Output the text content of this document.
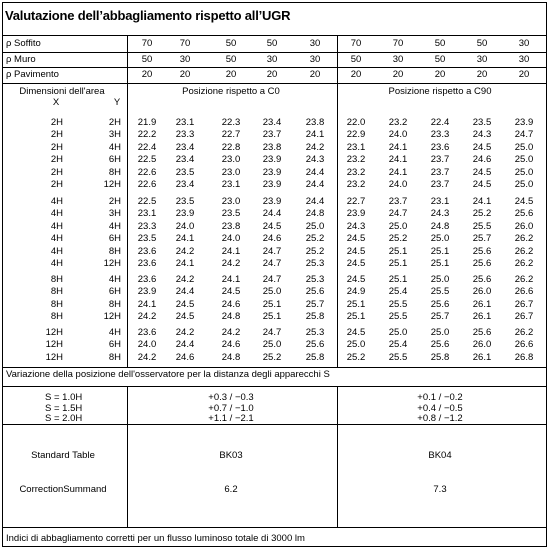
Valutazione dell’abbagliamento rispetto all’UGR
ρ Soffito	70	70	50	50	30	70	70	50	50	30
ρ Muro	50	30	50	30	30	50	30	50	30	30
ρ Pavimento	20	20	20	20	20	20	20	20	20	20
Dimensioni dell'area
X	Y
Posizione rispetto a C0	Posizione rispetto a C90
2H	2H	21.9	23.1	22.3	23.4	23.8	22.0	23.2	22.4	23.5	23.9
2H	3H	22.2	23.3	22.7	23.7	24.1	22.9	24.0	23.3	24.3	24.7
2H	4H	22.4	23.4	22.8	23.8	24.2	23.1	24.1	23.6	24.5	25.0
2H	6H	22.5	23.4	23.0	23.9	24.3	23.2	24.1	23.7	24.6	25.0
2H	8H	22.6	23.5	23.0	23.9	24.4	23.2	24.1	23.7	24.5	25.0
2H	12H	22.6	23.4	23.1	23.9	24.4	23.2	24.0	23.7	24.5	25.0
4H	2H	22.5	23.5	23.0	23.9	24.4	22.7	23.7	23.1	24.1	24.5
4H	3H	23.1	23.9	23.5	24.4	24.8	23.9	24.7	24.3	25.2	25.6
4H	4H	23.3	24.0	23.8	24.5	25.0	24.3	25.0	24.8	25.5	26.0
4H	6H	23.5	24.1	24.0	24.6	25.2	24.5	25.2	25.0	25.7	26.2
4H	8H	23.6	24.2	24.1	24.7	25.2	24.5	25.1	25.1	25.6	26.2
4H	12H	23.6	24.1	24.2	24.7	25.3	24.5	25.1	25.1	25.6	26.2
8H	4H	23.6	24.2	24.1	24.7	25.3	24.5	25.1	25.0	25.6	26.2
8H	6H	23.9	24.4	24.5	25.0	25.6	24.9	25.4	25.5	26.0	26.6
8H	8H	24.1	24.5	24.6	25.1	25.7	25.1	25.5	25.6	26.1	26.7
8H	12H	24.2	24.5	24.8	25.1	25.8	25.1	25.5	25.7	26.1	26.7
12H	4H	23.6	24.2	24.2	24.7	25.3	24.5	25.0	25.0	25.6	26.2
12H	6H	24.0	24.4	24.6	25.0	25.6	25.0	25.4	25.6	26.0	26.6
12H	8H	24.2	24.6	24.8	25.2	25.8	25.2	25.5	25.8	26.1	26.8
Variazione della posizione dell'osservatore per la distanza degli apparecchi S
S = 1.0H	+0.3 / −0.3	+0.1 / −0.2
S = 1.5H	+0.7 / −1.0	+0.4 / −0.5
S = 2.0H	+1.1 / −2.1	+0.8 / −1.2
Standard Table	BK03	BK04
CorrectionSummand	6.2	7.3
Indici di abbagliamento corretti per un flusso luminoso totale di 3000 lm
